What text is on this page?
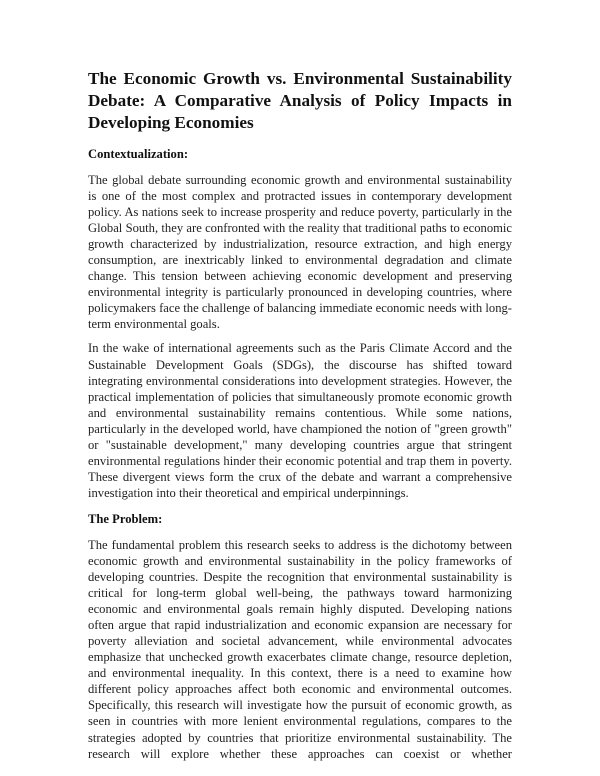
The Economic Growth vs. Environmental Sustainability Debate: A Comparative Analysis of Policy Impacts in Developing Economies
Contextualization:

The global debate surrounding economic growth and environmental sustainability is one of the most complex and protracted issues in contemporary development policy. As nations seek to increase prosperity and reduce poverty, particularly in the Global South, they are confronted with the reality that traditional paths to economic growth characterized by industrialization, resource extraction, and high energy consumption, are inextricably linked to environmental degradation and climate change. This tension between achieving economic development and preserving environmental integrity is particularly pronounced in developing countries, where policymakers face the challenge of balancing immediate economic needs with long-term environmental goals.

In the wake of international agreements such as the Paris Climate Accord and the Sustainable Development Goals (SDGs), the discourse has shifted toward integrating environmental considerations into development strategies. However, the practical implementation of policies that simultaneously promote economic growth and environmental sustainability remains contentious. While some nations, particularly in the developed world, have championed the notion of "green growth" or "sustainable development," many developing countries argue that stringent environmental regulations hinder their economic potential and trap them in poverty. These divergent views form the crux of the debate and warrant a comprehensive investigation into their theoretical and empirical underpinnings.

The Problem:

The fundamental problem this research seeks to address is the dichotomy between economic growth and environmental sustainability in the policy frameworks of developing countries. Despite the recognition that environmental sustainability is critical for long-term global well-being, the pathways toward harmonizing economic and environmental goals remain highly disputed. Developing nations often argue that rapid industrialization and economic expansion are necessary for poverty alleviation and societal advancement, while environmental advocates emphasize that unchecked growth exacerbates climate change, resource depletion, and environmental inequality. In this context, there is a need to examine how different policy approaches affect both economic and environmental outcomes. Specifically, this research will investigate how the pursuit of economic growth, as seen in countries with more lenient environmental regulations, compares to the strategies adopted by countries that prioritize environmental sustainability. The research will explore whether these approaches can coexist or whether
